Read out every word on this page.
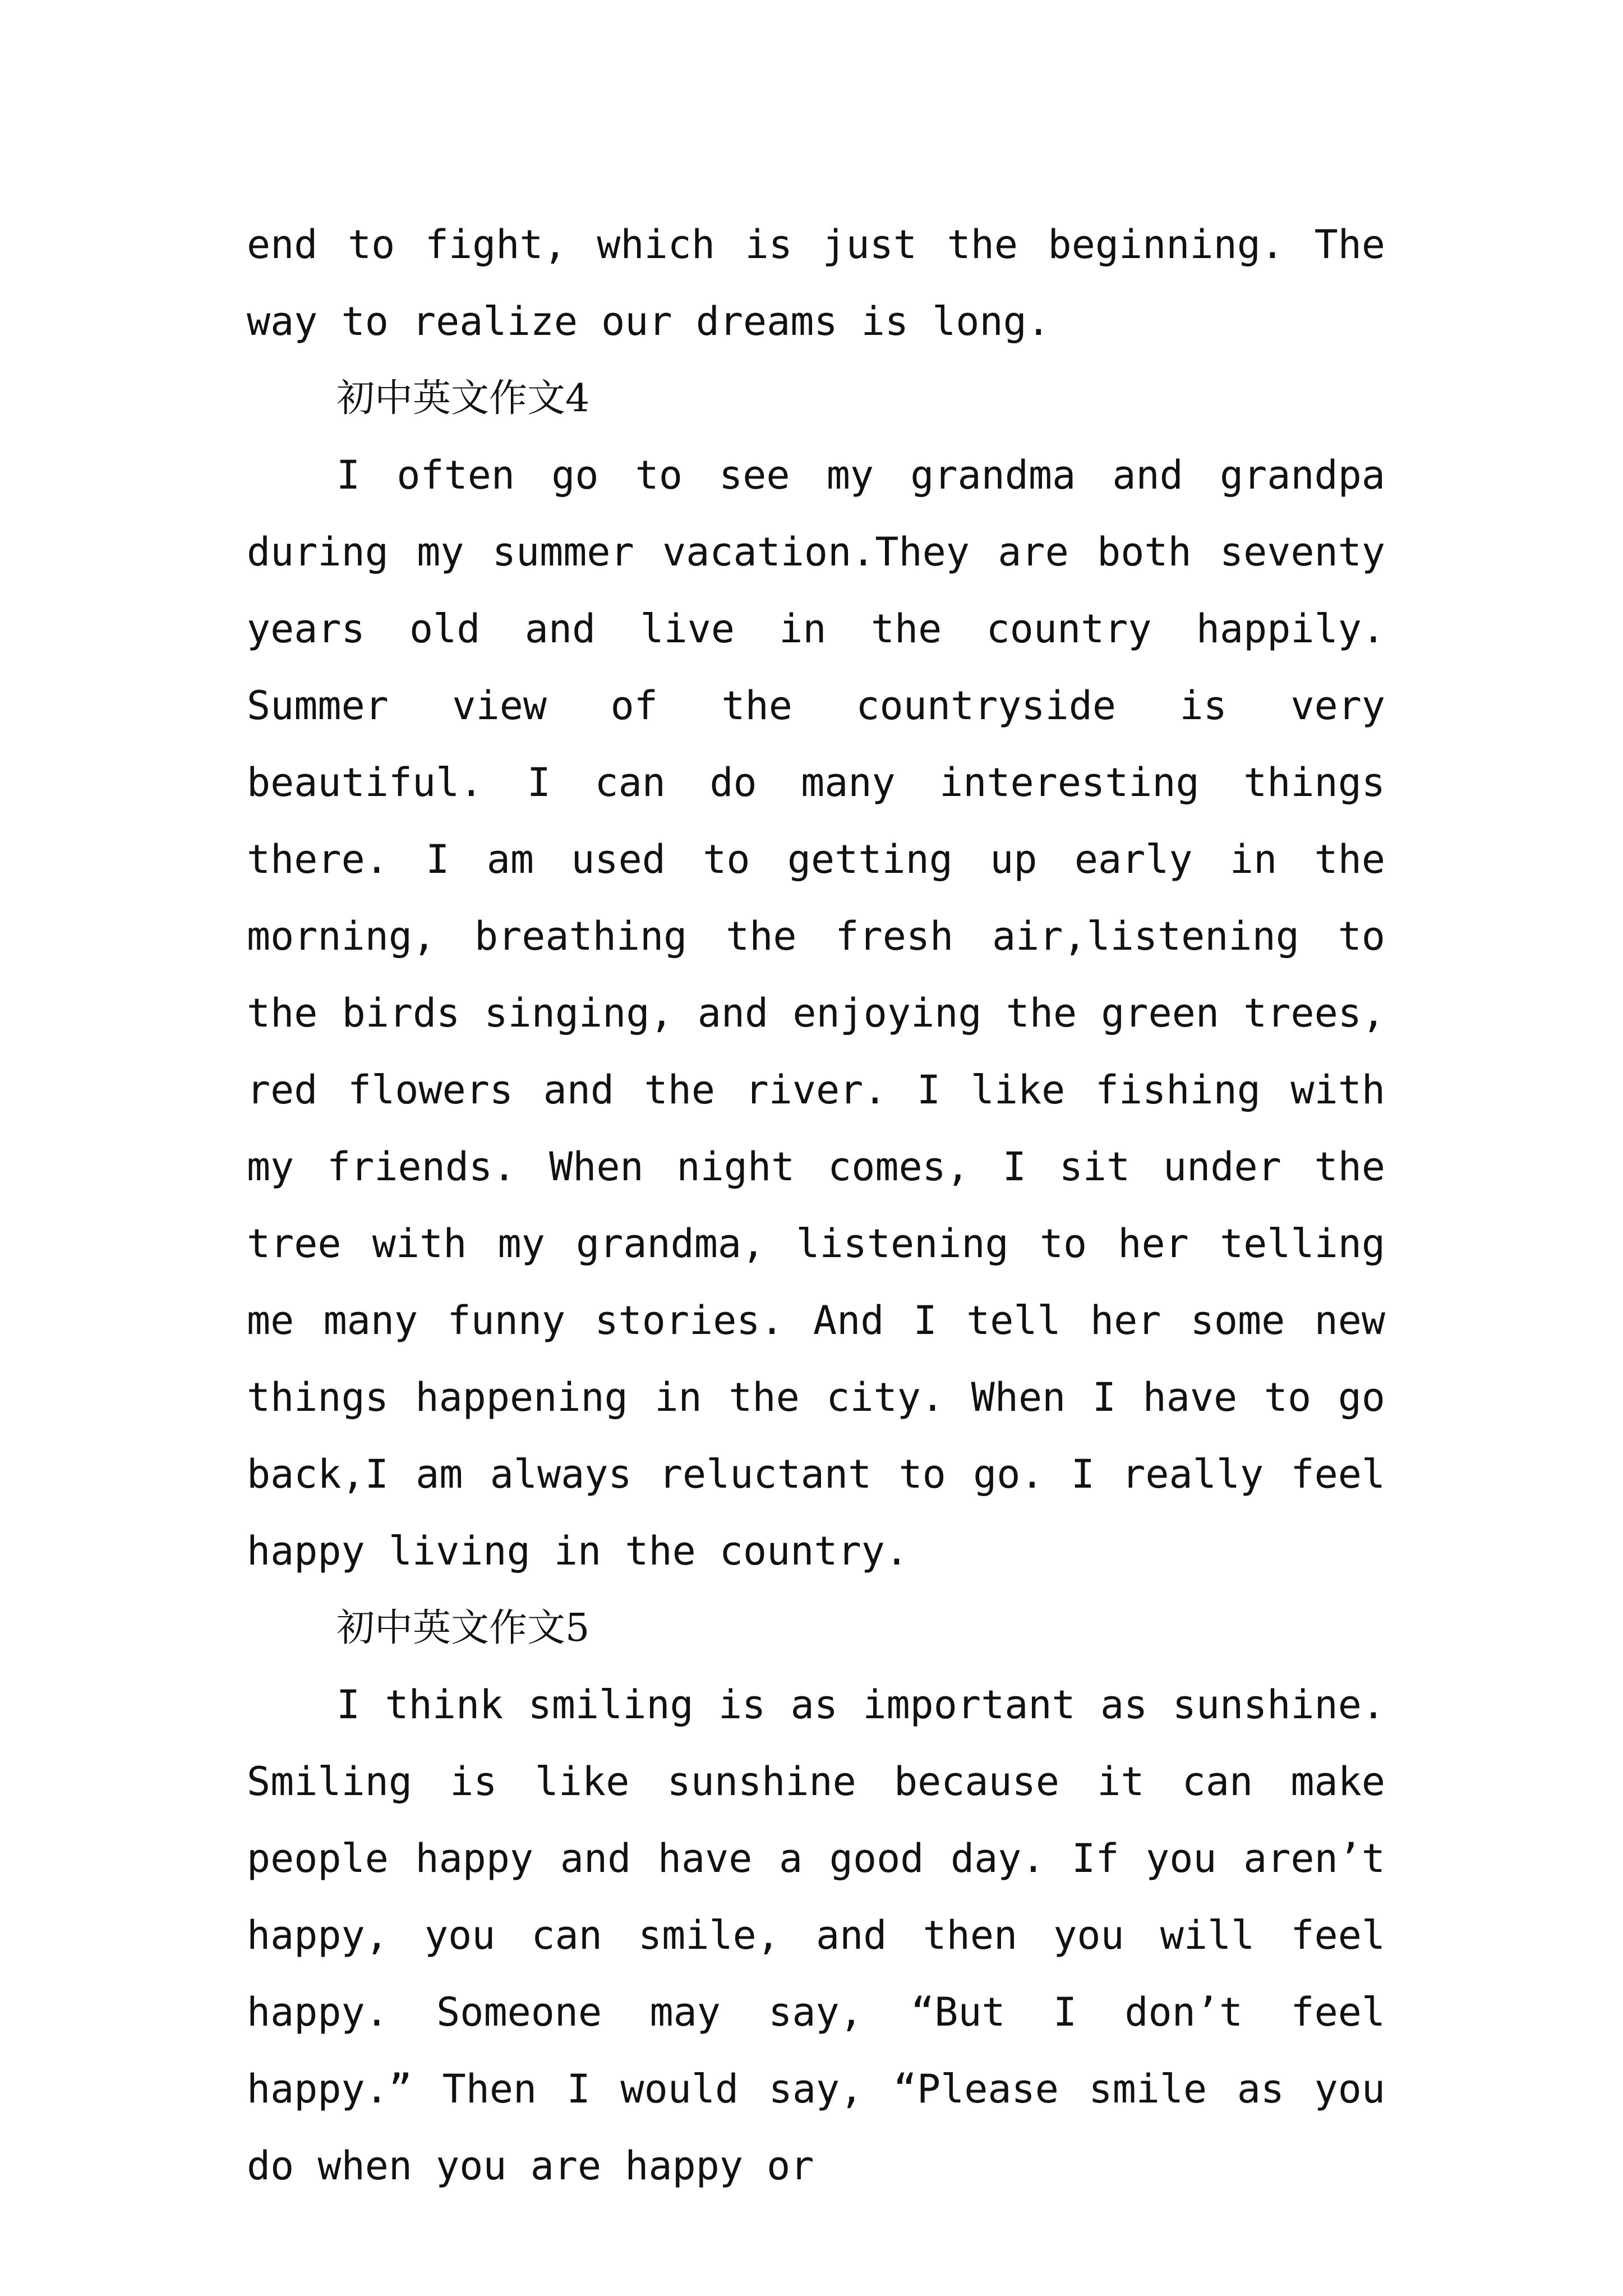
end to fight, which is just the beginning. The way to realize our dreams is long.

初中英文作文4

I often go to see my grandma and grandpa during my summer vacation.They are both seventy years old and live in the country happily. Summer view of the countryside is very beautiful. I can do many interesting things there. I am used to getting up early in the morning, breathing the fresh air,listening to the birds singing, and enjoying the green trees, red flowers and the river. I like fishing with my friends. When night comes, I sit under the tree with my grandma, listening to her telling me many funny stories. And I tell her some new things happening in the city. When I have to go back,I am always reluctant to go. I really feel happy living in the country.

初中英文作文5

I think smiling is as important as sunshine. Smiling is like sunshine because it can make people happy and have a good day. If you aren’t happy, you can smile, and then you will feel happy. Someone may say, “But I don’t feel happy.” Then I would say, “Please smile as you do when you are happy or
